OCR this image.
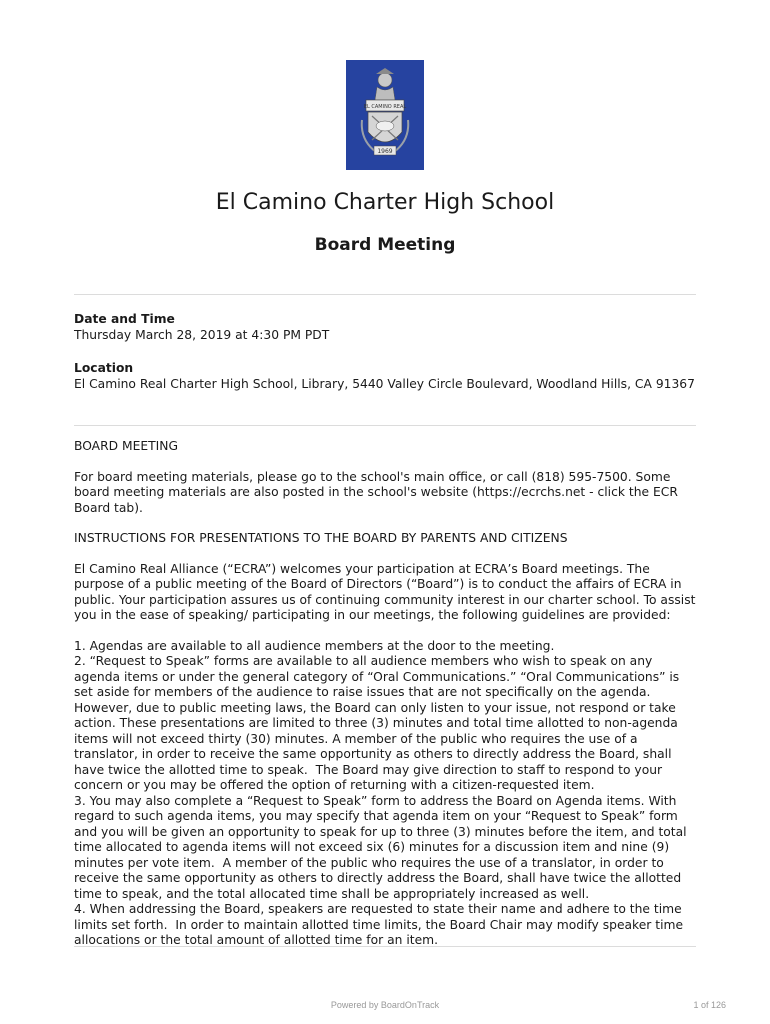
EL CAMINO REAL
1969
El Camino Charter High School
Board Meeting
Date and Time
Thursday March 28, 2019 at 4:30 PM PDT
Location
El Camino Real Charter High School, Library, 5440 Valley Circle Boulevard, Woodland Hills, CA 91367

BOARD MEETING

For board meeting materials, please go to the school's main office, or call (818) 595-7500. Some board meeting materials are also posted in the school's website (https://ecrchs.net - click the ECR Board tab).

INSTRUCTIONS FOR PRESENTATIONS TO THE BOARD BY PARENTS AND CITIZENS

El Camino Real Alliance (“ECRA”) welcomes your participation at ECRA’s Board meetings. The purpose of a public meeting of the Board of Directors (“Board”) is to conduct the affairs of ECRA in public. Your participation assures us of continuing community interest in our charter school. To assist you in the ease of speaking/ participating in our meetings, the following guidelines are provided:

1. Agendas are available to all audience members at the door to the meeting.
2. “Request to Speak” forms are available to all audience members who wish to speak on any agenda items or under the general category of “Oral Communications.” “Oral Communications” is set aside for members of the audience to raise issues that are not specifically on the agenda. However, due to public meeting laws, the Board can only listen to your issue, not respond or take action. These presentations are limited to three (3) minutes and total time allotted to non-agenda items will not exceed thirty (30) minutes. A member of the public who requires the use of a translator, in order to receive the same opportunity as others to directly address the Board, shall have twice the allotted time to speak.  The Board may give direction to staff to respond to your concern or you may be offered the option of returning with a citizen-requested item.
3. You may also complete a “Request to Speak” form to address the Board on Agenda items. With regard to such agenda items, you may specify that agenda item on your “Request to Speak” form and you will be given an opportunity to speak for up to three (3) minutes before the item, and total time allocated to agenda items will not exceed six (6) minutes for a discussion item and nine (9) minutes per vote item.  A member of the public who requires the use of a translator, in order to receive the same opportunity as others to directly address the Board, shall have twice the allotted time to speak, and the total allocated time shall be appropriately increased as well.
4. When addressing the Board, speakers are requested to state their name and adhere to the time limits set forth.  In order to maintain allotted time limits, the Board Chair may modify speaker time allocations or the total amount of allotted time for an item.

Powered by BoardOnTrack	1 of 126
